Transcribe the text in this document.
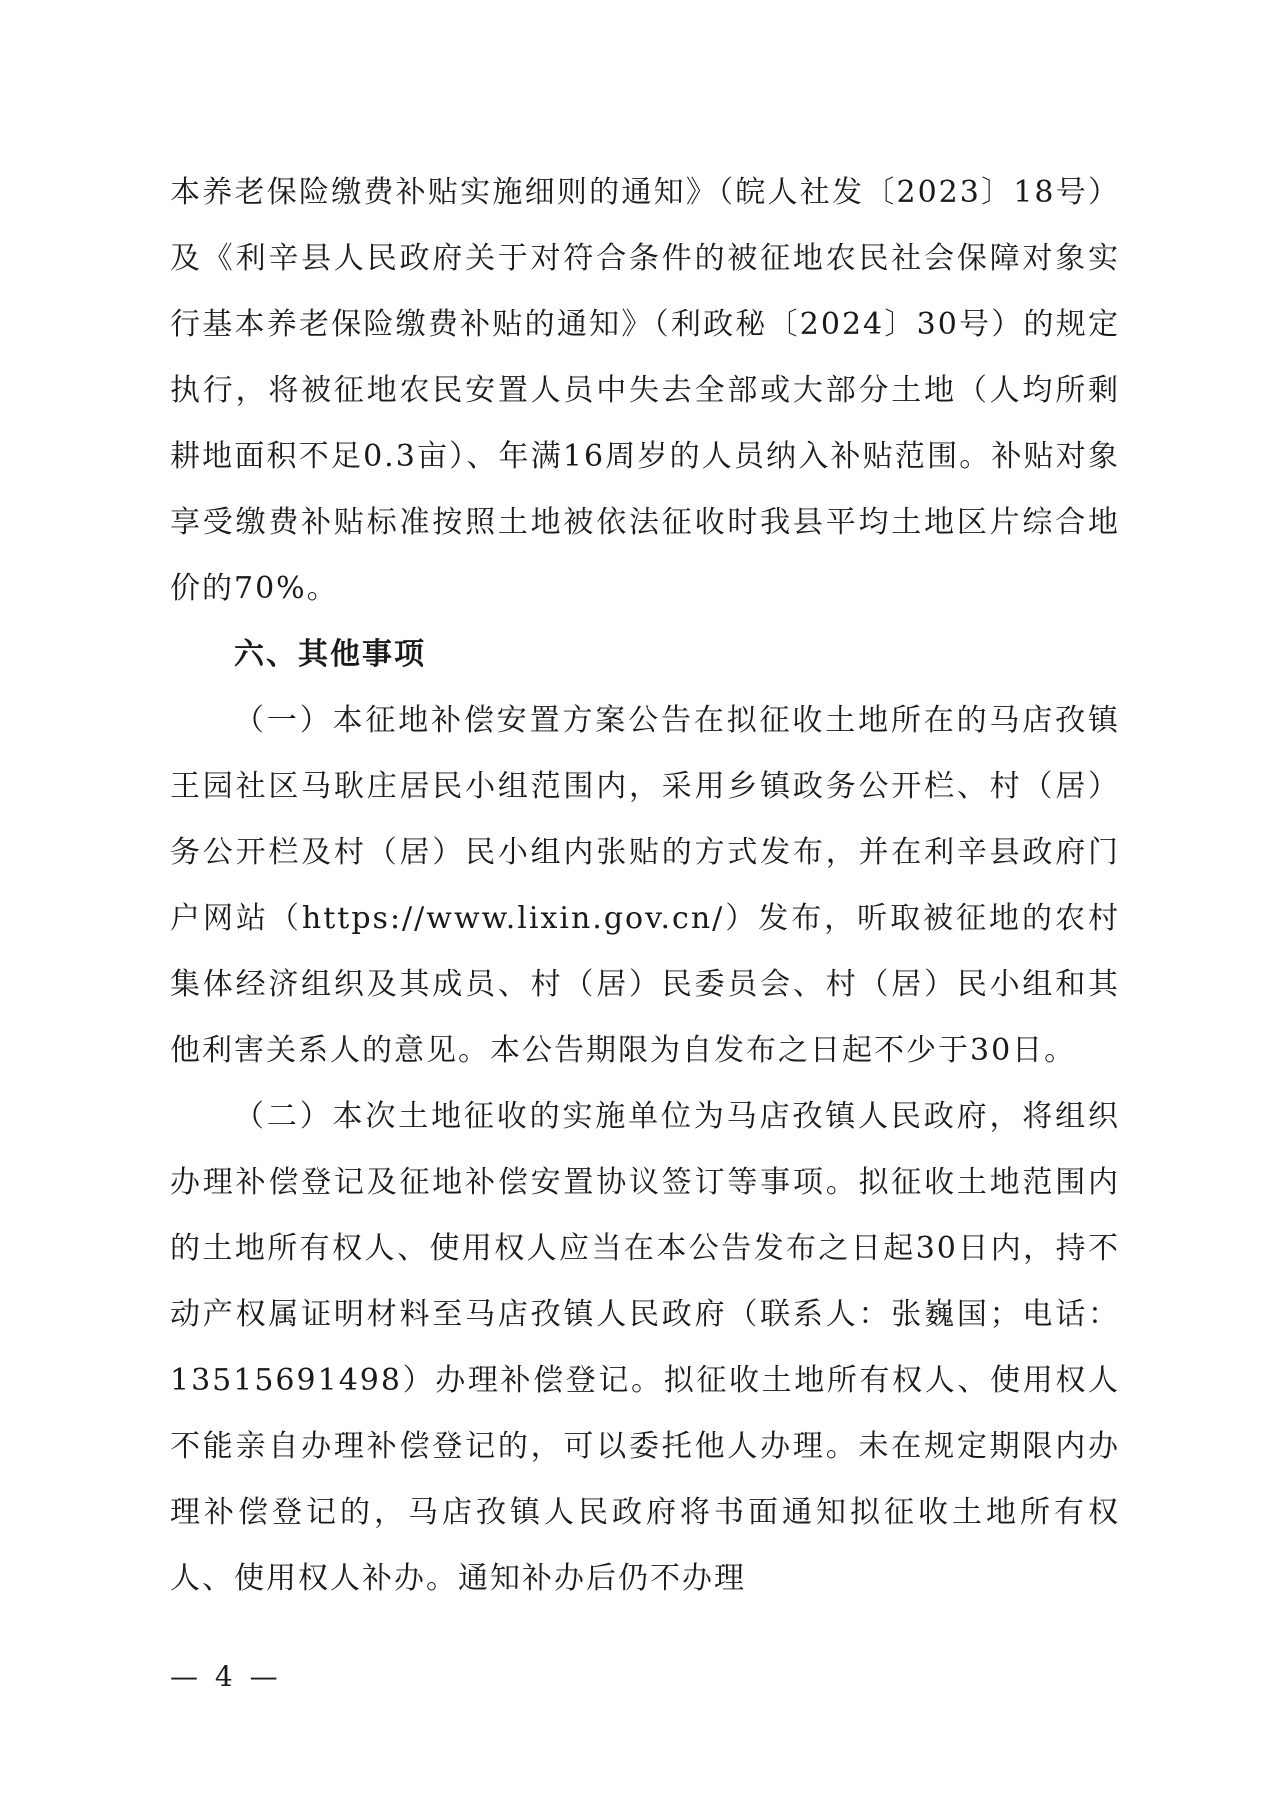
本养老保险缴费补贴实施细则的通知》（皖人社发〔2023〕18号）及《利辛县人民政府关于对符合条件的被征地农民社会保障对象实行基本养老保险缴费补贴的通知》（利政秘〔2024〕30号）的规定执行，将被征地农民安置人员中失去全部或大部分土地（人均所剩耕地面积不足0.3亩）、年满16周岁的人员纳入补贴范围。补贴对象享受缴费补贴标准按照土地被依法征收时我县平均土地区片综合地价的70%。

六、其他事项

（一）本征地补偿安置方案公告在拟征收土地所在的马店孜镇王园社区马耿庄居民小组范围内，采用乡镇政务公开栏、村（居）务公开栏及村（居）民小组内张贴的方式发布，并在利辛县政府门户网站（https://www.lixin.gov.cn/）发布，听取被征地的农村集体经济组织及其成员、村（居）民委员会、村（居）民小组和其他利害关系人的意见。本公告期限为自发布之日起不少于30日。

（二）本次土地征收的实施单位为马店孜镇人民政府，将组织办理补偿登记及征地补偿安置协议签订等事项。拟征收土地范围内的土地所有权人、使用权人应当在本公告发布之日起30日内，持不动产权属证明材料至马店孜镇人民政府（联系人：张巍国；电话：13515691498）办理补偿登记。拟征收土地所有权人、使用权人不能亲自办理补偿登记的，可以委托他人办理。未在规定期限内办理补偿登记的，马店孜镇人民政府将书面通知拟征收土地所有权人、使用权人补办。通知补办后仍不办理

— 4 —
